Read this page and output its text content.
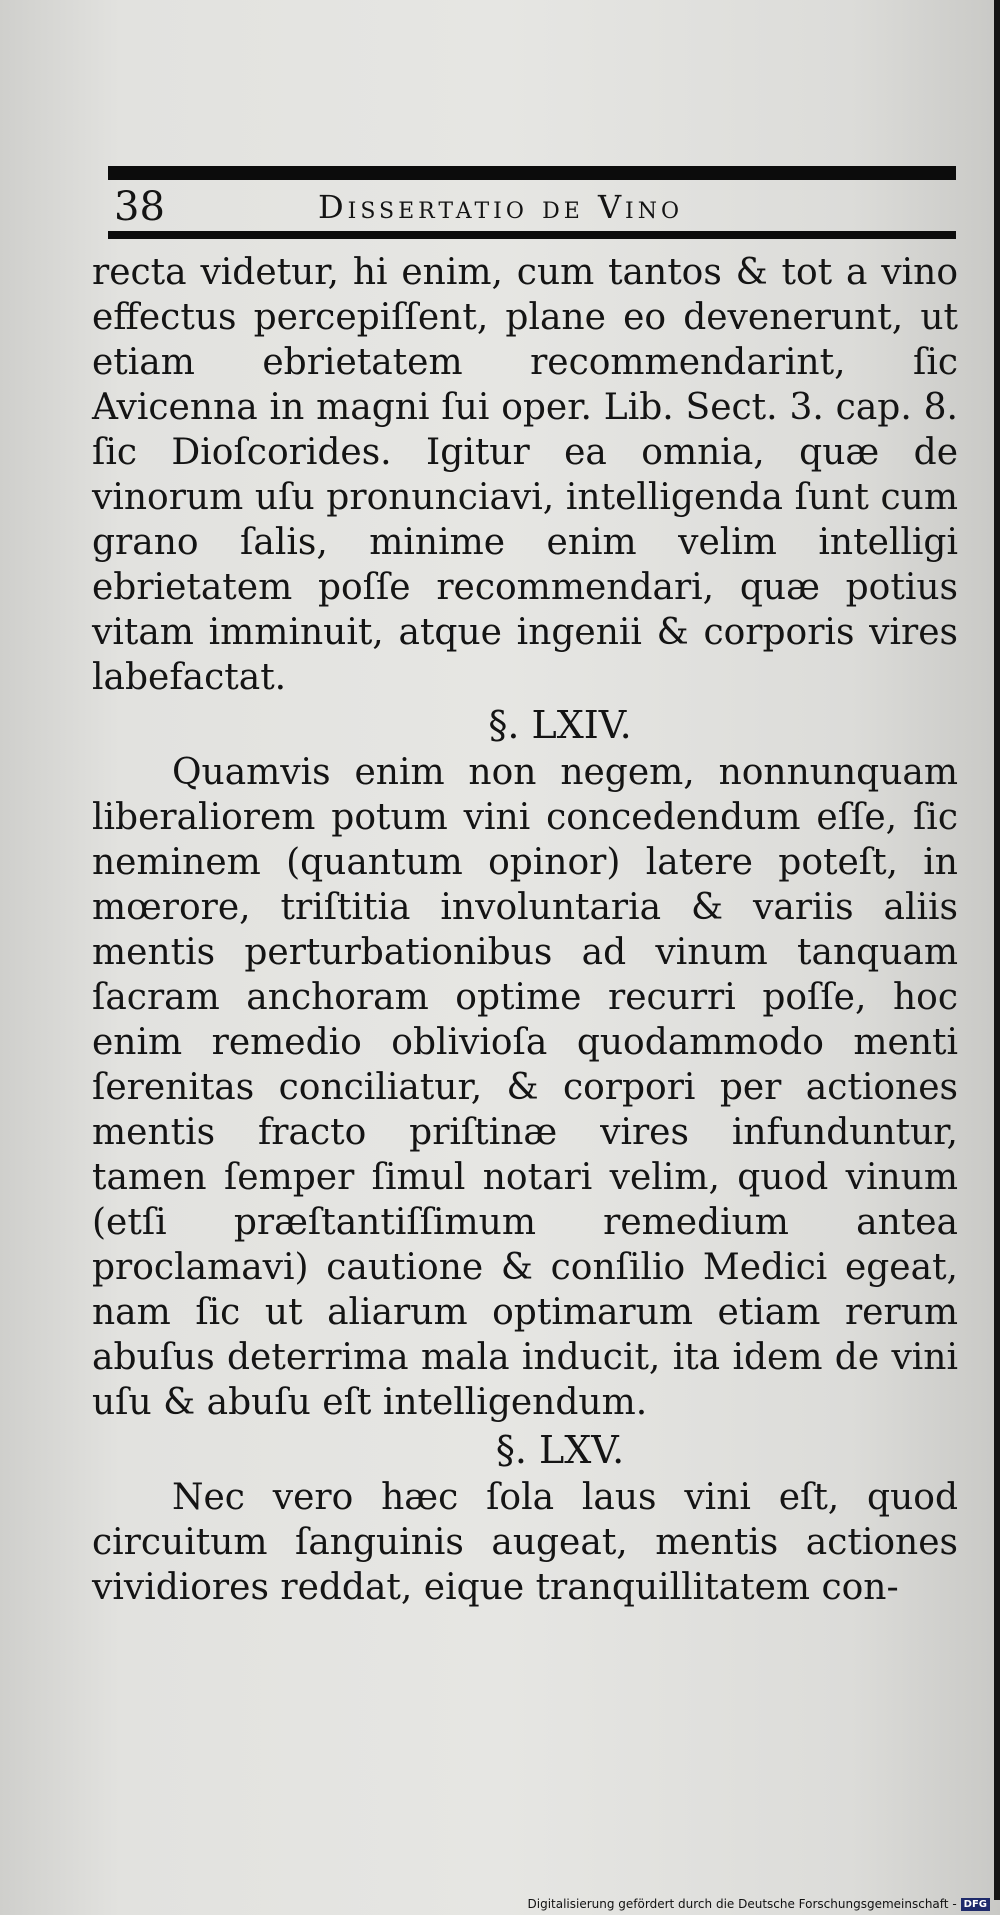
38	Dissertatio de Vino

recta videtur, hi enim, cum tantos & tot a vino effectus percepiſſent, plane eo devenerunt, ut etiam ebrietatem recommendarint, ſic Avicenna in magni ſui oper. Lib. Sect. 3. cap. 8. ſic Dioſcorides. Igitur ea omnia, quæ de vinorum uſu pronunciavi, intelligenda ſunt cum grano ſalis, minime enim velim intelligi ebrietatem poſſe recommendari, quæ potius vitam imminuit, atque ingenii & corporis vires labefactat.

§. LXIV.

Quamvis enim non negem, nonnunquam liberaliorem potum vini concedendum eſſe, ſic neminem (quantum opinor) latere poteſt, in mœrore, triſtitia involuntaria & variis aliis mentis perturbationibus ad vinum tanquam ſacram anchoram optime recurri poſſe, hoc enim remedio oblivioſa quodammodo menti ſerenitas conciliatur, & corpori per actiones mentis fracto priſtinæ vires infunduntur, tamen ſemper ſimul notari velim, quod vinum (etſi præſtantiſſimum remedium antea proclamavi) cautione & conſilio Medici egeat, nam ſic ut aliarum optimarum etiam rerum abuſus deterrima mala inducit, ita idem de vini uſu & abuſu eſt intelligendum.

§. LXV.

Nec vero hæc ſola laus vini eſt, quod circuitum ſanguinis augeat, mentis actiones vividiores reddat, eique tranquillitatem con-

Digitalisierung gefördert durch die Deutsche Forschungsgemeinschaft - DFG
